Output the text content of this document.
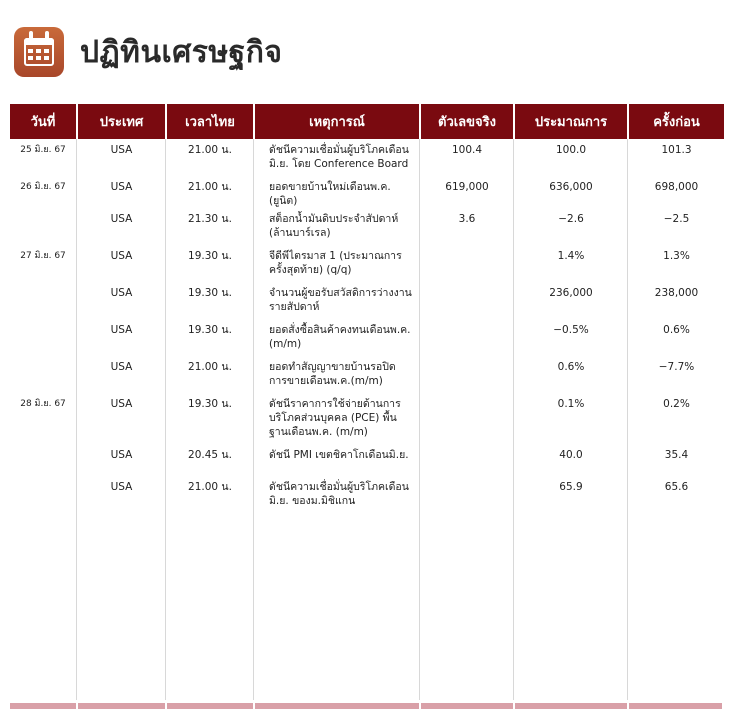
ปฏิทินเศรษฐกิจ
วันที่	ประเทศ	เวลาไทย	เหตุการณ์	ตัวเลขจริง	ประมาณการ	ครั้งก่อน
25 มิ.ย. 67	USA	21.00 น.	ดัชนีความเชื่อมั่นผู้บริโภคเดือนมิ.ย. โดย Conference Board	100.4	100.0	101.3
26 มิ.ย. 67	USA	21.00 น.	ยอดขายบ้านใหม่เดือนพ.ค. (ยูนิต)	619,000	636,000	698,000
	USA	21.30 น.	สต็อกน้ำมันดิบประจำสัปดาห์ (ล้านบาร์เรล)	3.6	−2.6	−2.5
27 มิ.ย. 67	USA	19.30 น.	จีดีพีไตรมาส 1 (ประมาณการครั้งสุดท้าย) (q/q)		1.4%	1.3%
	USA	19.30 น.	จำนวนผู้ขอรับสวัสดิการว่างงานรายสัปดาห์		236,000	238,000
	USA	19.30 น.	ยอดสั่งซื้อสินค้าคงทนเดือนพ.ค.(m/m)		−0.5%	0.6%
	USA	21.00 น.	ยอดทำสัญญาขายบ้านรอปิดการขายเดือนพ.ค.(m/m)		0.6%	−7.7%
28 มิ.ย. 67	USA	19.30 น.	ดัชนีราคาการใช้จ่ายด้านการบริโภคส่วนบุคคล (PCE) พื้นฐานเดือนพ.ค. (m/m)		0.1%	0.2%
	USA	20.45 น.	ดัชนี PMI เขตชิคาโกเดือนมิ.ย.		40.0	35.4
	USA	21.00 น.	ดัชนีความเชื่อมั่นผู้บริโภคเดือนมิ.ย. ของม.มิชิแกน		65.9	65.6
